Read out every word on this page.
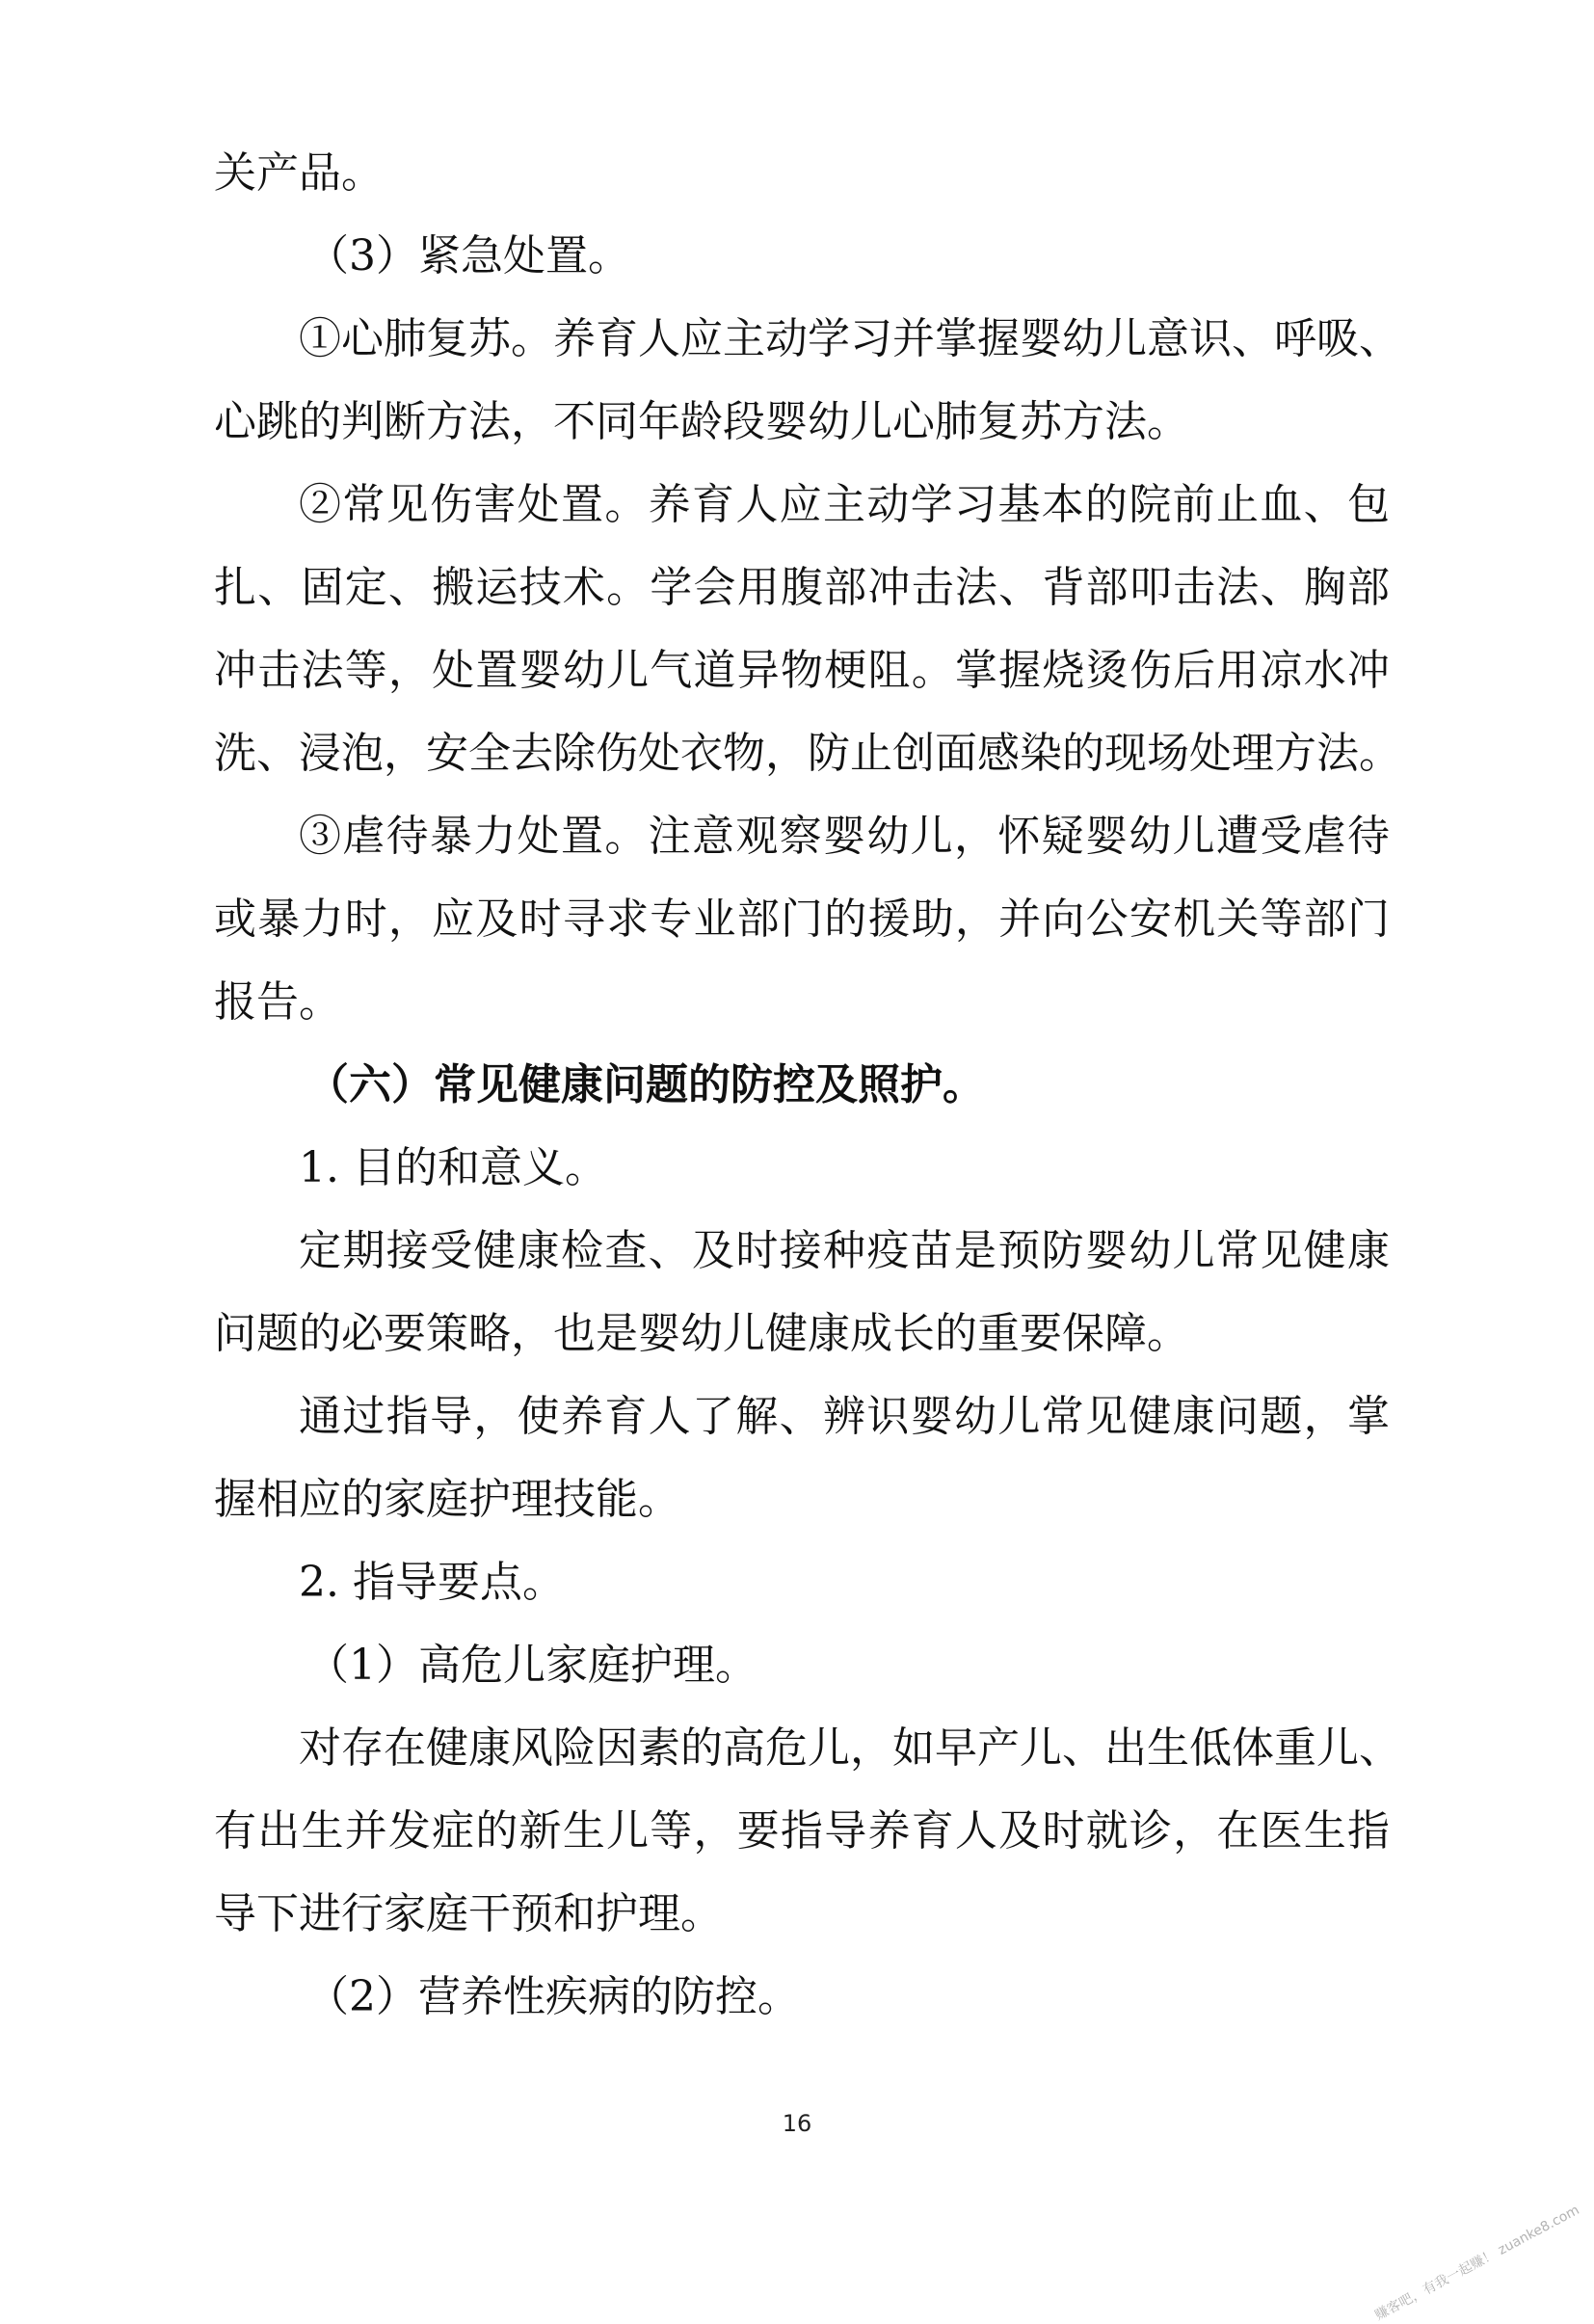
关产品。
（3）紧急处置。
①心肺复苏。养育人应主动学习并掌握婴幼儿意识、呼吸、
心跳的判断方法，不同年龄段婴幼儿心肺复苏方法。
②常见伤害处置。养育人应主动学习基本的院前止血、包
扎、固定、搬运技术。学会用腹部冲击法、背部叩击法、胸部
冲击法等，处置婴幼儿气道异物梗阻。掌握烧烫伤后用凉水冲
洗、浸泡，安全去除伤处衣物，防止创面感染的现场处理方法。
③虐待暴力处置。注意观察婴幼儿，怀疑婴幼儿遭受虐待
或暴力时，应及时寻求专业部门的援助，并向公安机关等部门
报告。
（六）常见健康问题的防控及照护。
1. 目的和意义。
定期接受健康检查、及时接种疫苗是预防婴幼儿常见健康
问题的必要策略，也是婴幼儿健康成长的重要保障。
通过指导，使养育人了解、辨识婴幼儿常见健康问题，掌
握相应的家庭护理技能。
2. 指导要点。
（1）高危儿家庭护理。
对存在健康风险因素的高危儿，如早产儿、出生低体重儿、
有出生并发症的新生儿等，要指导养育人及时就诊，在医生指
导下进行家庭干预和护理。
（2）营养性疾病的防控。
16
赚客吧，有我一起赚！ zuanke8.com
